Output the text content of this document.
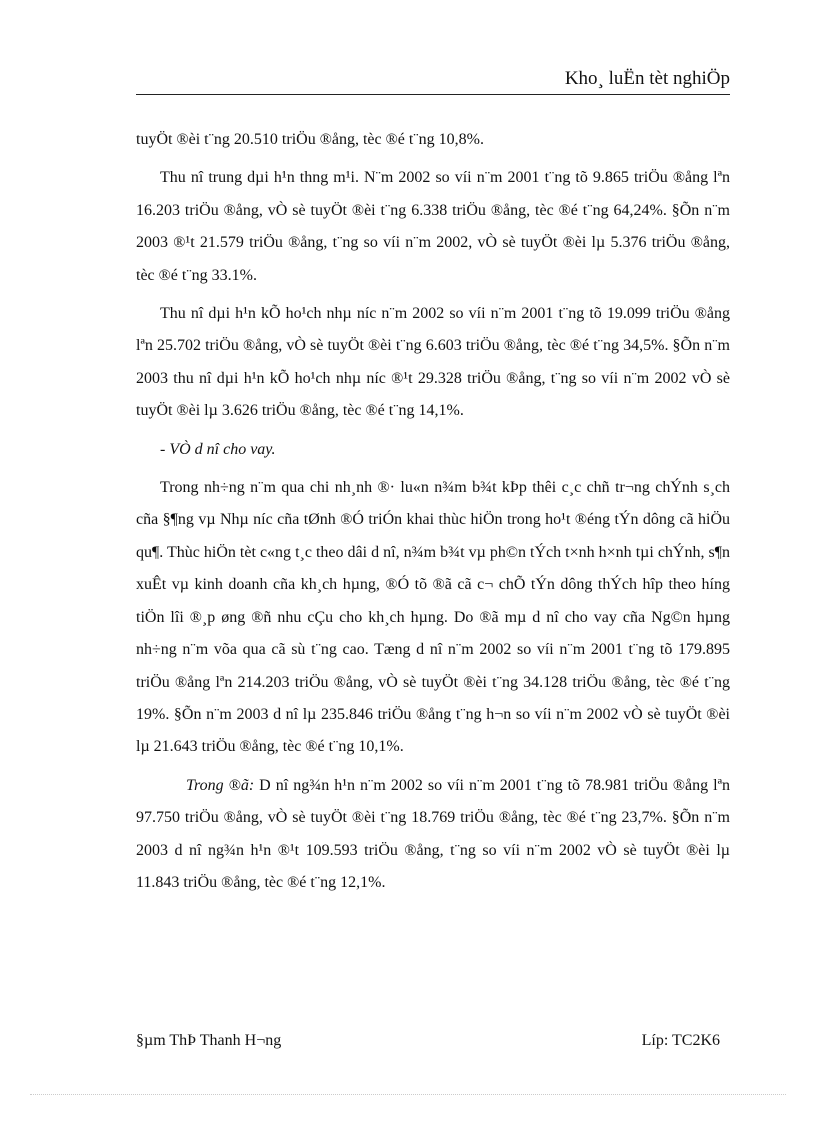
Kho¸ luËn tèt nghiÖp

tuyÖt ®èi t¨ng 20.510 triÖu ®ång, tèc ®é t¨ng 10,8%.

Thu nî trung dµi h¹n thng m¹i. N¨m 2002 so víi n¨m 2001 t¨ng tõ 9.865 triÖu ®ång lªn 16.203 triÖu ®ång, vÒ sè tuyÖt ®èi t¨ng 6.338 triÖu ®ång, tèc ®é t¨ng 64,24%. §Õn n¨m 2003 ®¹t 21.579 triÖu ®ång, t¨ng so víi n¨m 2002, vÒ sè tuyÖt ®èi lµ 5.376 triÖu ®ång, tèc ®é t¨ng 33.1%.

Thu nî dµi h¹n kÕ ho¹ch nhµ níc n¨m 2002 so víi n¨m 2001 t¨ng tõ 19.099 triÖu ®ång lªn 25.702 triÖu ®ång, vÒ sè tuyÖt ®èi t¨ng 6.603 triÖu ®ång, tèc ®é t¨ng 34,5%. §Õn n¨m 2003 thu nî dµi h¹n kÕ ho¹ch nhµ níc ®¹t 29.328 triÖu ®ång, t¨ng so víi n¨m 2002 vÒ sè tuyÖt ®èi lµ 3.626 triÖu ®ång, tèc ®é t¨ng 14,1%.

- VÒ d nî cho vay.

Trong nh÷ng n¨m qua chi nh¸nh ®· lu«n n¾m b¾t kÞp thêi c¸c chñ tr¬ng chÝnh s¸ch cña §¶ng vµ Nhµ níc cña tØnh ®Ó triÓn khai thùc hiÖn trong ho¹t ®éng tÝn dông cã hiÖu qu¶. Thùc hiÖn tèt c«ng t¸c theo dâi d nî, n¾m b¾t vµ ph©n tÝch t×nh h×nh tµi chÝnh, s¶n xuÊt vµ kinh doanh cña kh¸ch hµng, ®Ó tõ ®ã cã c¬ chÕ tÝn dông thÝch hîp theo híng tiÖn lîi ®¸p øng ®ñ nhu cÇu cho kh¸ch hµng. Do ®ã mµ d nî cho vay cña Ng©n hµng nh÷ng n¨m võa qua cã sù t¨ng cao. Tæng d nî n¨m 2002 so víi n¨m 2001 t¨ng tõ 179.895 triÖu ®ång lªn 214.203 triÖu ®ång, vÒ sè tuyÖt ®èi t¨ng 34.128 triÖu ®ång, tèc ®é t¨ng 19%. §Õn n¨m 2003 d nî lµ 235.846 triÖu ®ång t¨ng h¬n so víi n¨m 2002 vÒ sè tuyÖt ®èi lµ 21.643 triÖu ®ång, tèc ®é t¨ng 10,1%.

Trong ®ã: D nî ng¾n h¹n n¨m 2002 so víi n¨m 2001 t¨ng tõ 78.981 triÖu ®ång lªn 97.750 triÖu ®ång, vÒ sè tuyÖt ®èi t¨ng 18.769 triÖu ®ång, tèc ®é t¨ng 23,7%. §Õn n¨m 2003 d nî ng¾n h¹n ®¹t 109.593 triÖu ®ång, t¨ng so víi n¨m 2002 vÒ sè tuyÖt ®èi lµ 11.843 triÖu ®ång, tèc ®é t¨ng 12,1%.

§µm ThÞ Thanh H¬ng	Líp: TC2K6
